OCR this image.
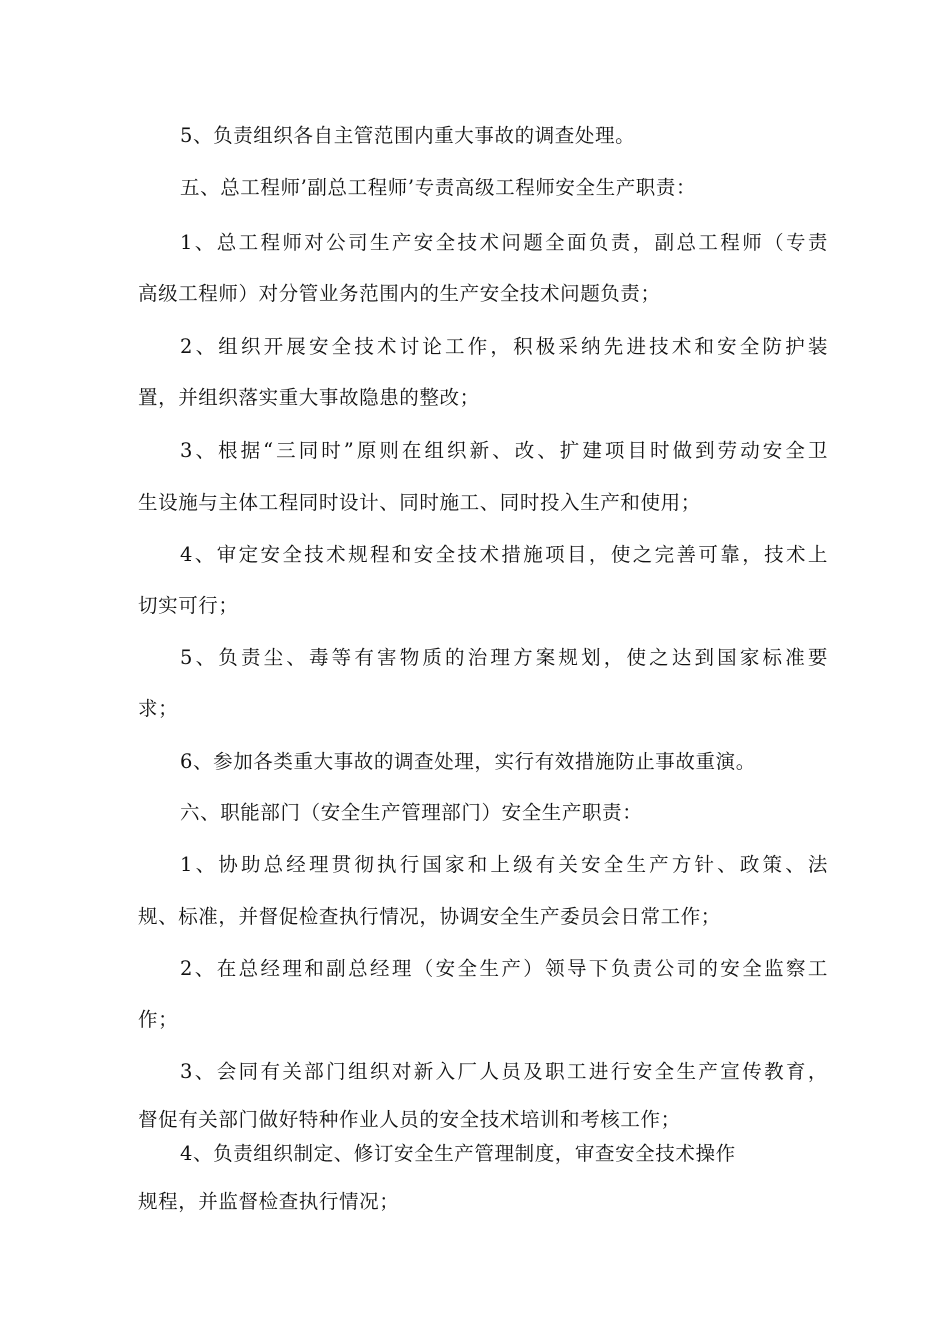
5、负责组织各自主管范围内重大事故的调查处理。
五、总工程师’副总工程师’专责高级工程师安全生产职责：
1、总工程师对公司生产安全技术问题全面负责，副总工程师（专责
高级工程师）对分管业务范围内的生产安全技术问题负责；
2、组织开展安全技术讨论工作，积极采纳先进技术和安全防护装
置，并组织落实重大事故隐患的整改；
3、根据“三同时”原则在组织新、改、扩建项目时做到劳动安全卫
生设施与主体工程同时设计、同时施工、同时投入生产和使用；
4、审定安全技术规程和安全技术措施项目，使之完善可靠，技术上
切实可行；
5、负责尘、毒等有害物质的治理方案规划，使之达到国家标准要
求；
6、参加各类重大事故的调查处理，实行有效措施防止事故重演。
六、职能部门（安全生产管理部门）安全生产职责：
1、协助总经理贯彻执行国家和上级有关安全生产方针、政策、法
规、标准，并督促检查执行情况，协调安全生产委员会日常工作；
2、在总经理和副总经理（安全生产）领导下负责公司的安全监察工
作；
3、会同有关部门组织对新入厂人员及职工进行安全生产宣传教育，
督促有关部门做好特种作业人员的安全技术培训和考核工作；
4、负责组织制定、修订安全生产管理制度，审查安全技术操作
规程，并监督检查执行情况；
